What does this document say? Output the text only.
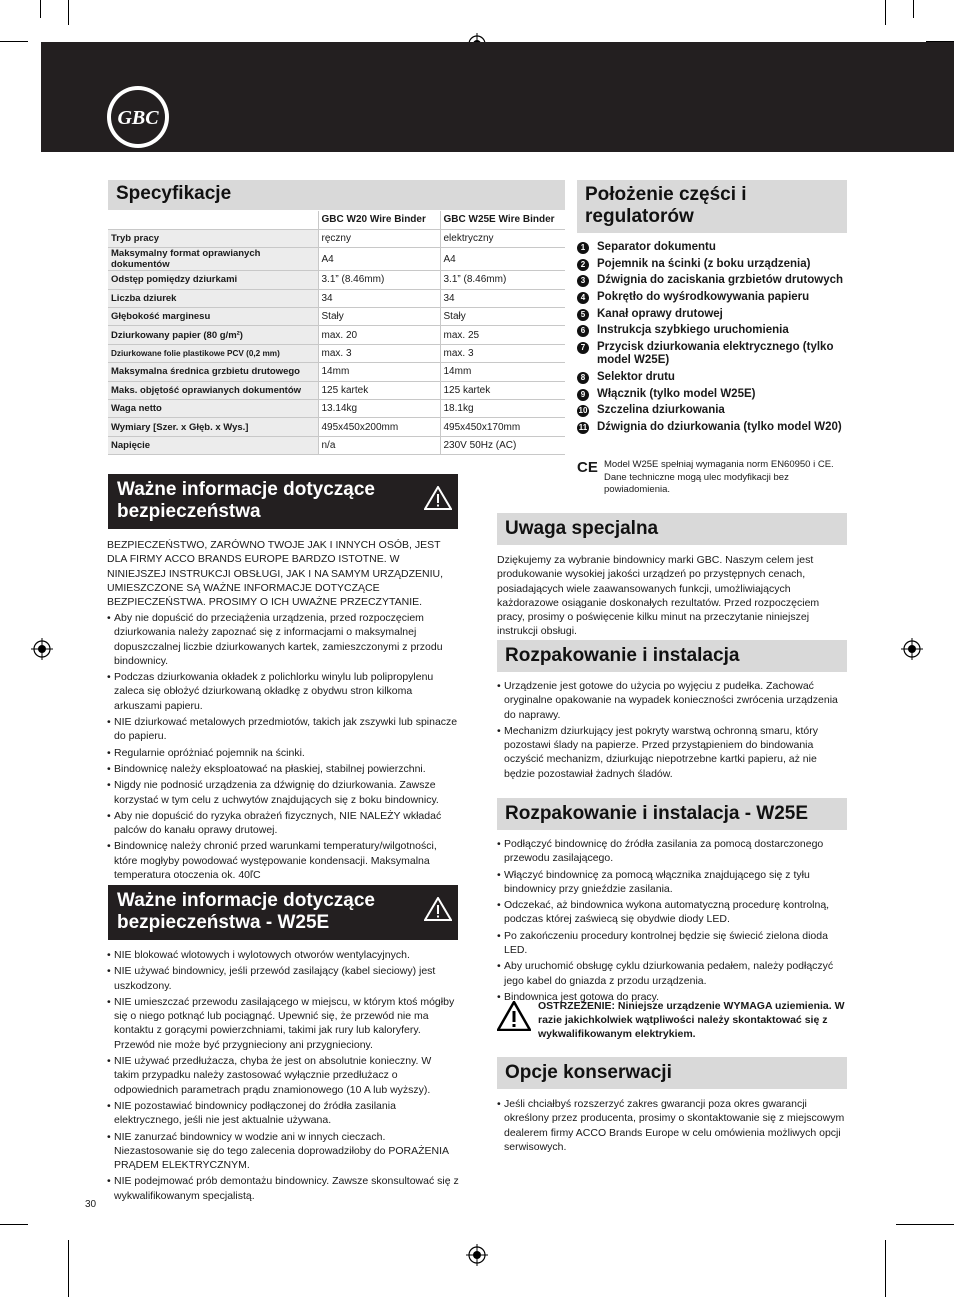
GBC
Specyfikacje
	GBC W20 Wire Binder	GBC W25E Wire Binder
Tryb pracy	ręczny	elektryczny
Maksymalny format oprawianych dokumentów	A4	A4
Odstęp pomiędzy dziurkami	3.1” (8.46mm)	3.1” (8.46mm)
Liczba dziurek	34	34
Głębokość marginesu	Stały	Stały
Dziurkowany papier (80 g/m²)	max. 20	max. 25
Dziurkowane folie plastikowe PCV (0,2 mm)	max. 3	max. 3
Maksymalna średnica grzbietu drutowego	14mm	14mm
Maks. objętość oprawianych dokumentów	125 kartek	125 kartek
Waga netto	13.14kg	18.1kg
Wymiary [Szer. x Głęb. x Wys.]	495x450x200mm	495x450x170mm
Napięcie	n/a	230V 50Hz (AC)
Położenie części i regulatorów
1	Separator dokumentu
2	Pojemnik na ścinki (z boku urządzenia)
3	Dźwignia do zaciskania grzbietów drutowych
4	Pokrętło do wyśrodkowywania papieru
5	Kanał oprawy drutowej
6	Instrukcja szybkiego uruchomienia
7	Przycisk dziurkowania elektrycznego (tylko model W25E)
8	Selektor drutu
9	Włącznik (tylko model W25E)
10 Szczelina dziurkowania
11 Dźwignia do dziurkowania (tylko model W20)
CE Model W25E spełniaj wymagania norm EN60950 i CE. Dane techniczne mogą ulec modyfikacji bez powiadomienia.
Ważne informacje dotyczące bezpieczeństwa
BEZPIECZEŃSTWO, ZARÓWNO TWOJE JAK I INNYCH OSÓB, JEST DLA FIRMY ACCO BRANDS EUROPE BARDZO ISTOTNE. W NINIEJSZEJ INSTRUKCJI OBSŁUGI, JAK I NA SAMYM URZĄDZENIU, UMIESZCZONE SĄ WAŻNE INFORMACJE DOTYCZĄCE BEZPIECZEŃSTWA. PROSIMY O ICH UWAŻNE PRZECZYTANIE.
• Aby nie dopuścić do przeciążenia urządzenia, przed rozpoczęciem dziurkowania należy zapoznać się z informacjami o maksymalnej dopuszczalnej liczbie dziurkowanych kartek, zamieszczonymi z przodu bindownicy.
• Podczas dziurkowania okładek z polichlorku winylu lub polipropylenu zaleca się obłożyć dziurkowaną okładkę z obydwu stron kilkoma arkuszami papieru.
• NIE dziurkować metalowych przedmiotów, takich jak zszywki lub spinacze do papieru.
• Regularnie opróżniać pojemnik na ścinki.
• Bindownicę należy eksploatować na płaskiej, stabilnej powierzchni.
• Nigdy nie podnosić urządzenia za dźwignię do dziurkowania. Zawsze korzystać w tym celu z uchwytów znajdujących się z boku bindownicy.
• Aby nie dopuścić do ryzyka obrażeń fizycznych, NIE NALEŻY wkładać palców do kanału oprawy drutowej.
• Bindownicę należy chronić przed warunkami temperatury/wilgotności, które mogłyby powodować występowanie kondensacji. Maksymalna temperatura otoczenia ok. 40ľC
Ważne informacje dotyczące bezpieczeństwa - W25E
• NIE blokować wlotowych i wylotowych otworów wentylacyjnych.
• NIE używać bindownicy, jeśli przewód zasilający (kabel sieciowy) jest uszkodzony.
• NIE umieszczać przewodu zasilającego w miejscu, w którym ktoś mógłby się o niego potknąć lub pociągnąć. Upewnić się, że przewód nie ma kontaktu z gorącymi powierzchniami, takimi jak rury lub kaloryfery. Przewód nie może być przygnieciony ani przygnieciony.
• NIE używać przedłużacza, chyba że jest on absolutnie konieczny. W takim przypadku należy zastosować wyłącznie przedłużacz o odpowiednich parametrach prądu znamionowego (10 A lub wyższy).
• NIE pozostawiać bindownicy podłączonej do źródła zasilania elektrycznego, jeśli nie jest aktualnie używana.
• NIE zanurzać bindownicy w wodzie ani w innych cieczach. Niezastosowanie się do tego zalecenia doprowadziłoby do PORAŻENIA PRĄDEM ELEKTRYCZNYM.
• NIE podejmować prób demontażu bindownicy. Zawsze skonsultować się z wykwalifikowanym specjalistą.
Uwaga specjalna
Dziękujemy za wybranie bindownicy marki GBC. Naszym celem jest produkowanie wysokiej jakości urządzeń po przystępnych cenach, posiadających wiele zaawansowanych funkcji, umożliwiających każdorazowe osiąganie doskonałych rezultatów. Przed rozpoczęciem pracy, prosimy o poświęcenie kilku minut na przeczytanie niniejszej instrukcji obsługi.
Rozpakowanie i instalacja
• Urządzenie jest gotowe do użycia po wyjęciu z pudełka. Zachować oryginalne opakowanie na wypadek konieczności zwrócenia urządzenia do naprawy.
• Mechanizm dziurkujący jest pokryty warstwą ochronną smaru, który pozostawi ślady na papierze. Przed przystąpieniem do bindowania oczyścić mechanizm, dziurkując niepotrzebne kartki papieru, aż nie będzie pozostawiał żadnych śladów.
Rozpakowanie i instalacja - W25E
• Podłączyć bindownicę do źródła zasilania za pomocą dostarczonego przewodu zasilającego.
• Włączyć bindownicę za pomocą włącznika znajdującego się z tyłu bindownicy przy gnieździe zasilania.
• Odczekać, aż bindownica wykona automatyczną procedurę kontrolną, podczas której zaświecą się obydwie diody LED.
• Po zakończeniu procedury kontrolnej będzie się świecić zielona dioda LED.
• Aby uruchomić obsługę cyklu dziurkowania pedałem, należy podłączyć jego kabel do gniazda z przodu urządzenia.
• Bindownica jest gotowa do pracy.
OSTRZEŻENIE: Niniejsze urządzenie WYMAGA uziemienia. W razie jakichkolwiek wątpliwości należy skontaktować się z wykwalifikowanym elektrykiem.
Opcje konserwacji
• Jeśli chciałbyś rozszerzyć zakres gwarancji poza okres gwarancji określony przez producenta, prosimy o skontaktowanie się z miejscowym dealerem firmy ACCO Brands Europe w celu omówienia możliwych opcji serwisowych.
30
